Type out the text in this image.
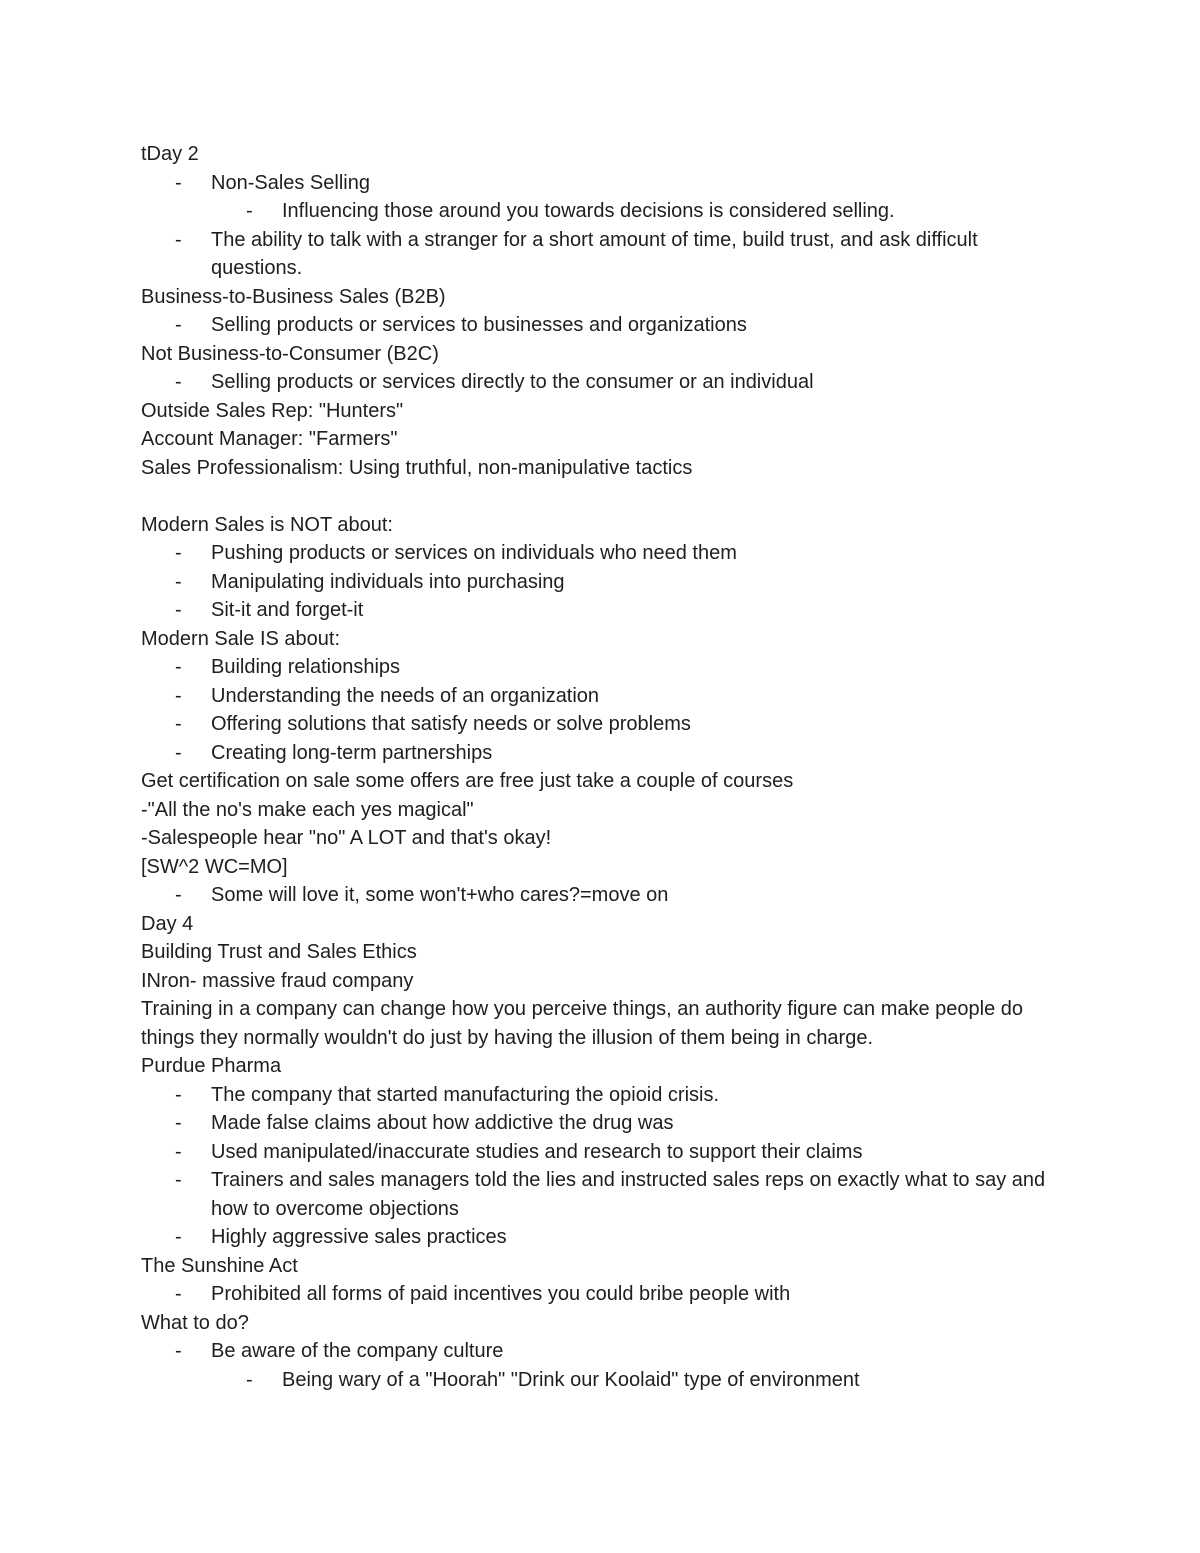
tDay 2
- Non-Sales Selling
- Influencing those around you towards decisions is considered selling.
- The ability to talk with a stranger for a short amount of time, build trust, and ask difficult questions.
Business-to-Business Sales (B2B)
- Selling products or services to businesses and organizations
Not Business-to-Consumer (B2C)
- Selling products or services directly to the consumer or an individual
Outside Sales Rep: "Hunters"
Account Manager: "Farmers"
Sales Professionalism: Using truthful, non-manipulative tactics
Modern Sales is NOT about:
- Pushing products or services on individuals who need them
- Manipulating individuals into purchasing
- Sit-it and forget-it
Modern Sale IS about:
- Building relationships
- Understanding the needs of an organization
- Offering solutions that satisfy needs or solve problems
- Creating long-term partnerships
Get certification on sale some offers are free just take a couple of courses
-"All the no's make each yes magical"
-Salespeople hear "no" A LOT and that's okay!
[SW^2 WC=MO]
- Some will love it, some won't+who cares?=move on
Day 4
Building Trust and Sales Ethics
INron- massive fraud company
Training in a company can change how you perceive things, an authority figure can make people do things they normally wouldn't do just by having the illusion of them being in charge.
Purdue Pharma
- The company that started manufacturing the opioid crisis.
- Made false claims about how addictive the drug was
- Used manipulated/inaccurate studies and research to support their claims
- Trainers and sales managers told the lies and instructed sales reps on exactly what to say and how to overcome objections
- Highly aggressive sales practices
The Sunshine Act
- Prohibited all forms of paid incentives you could bribe people with
What to do?
- Be aware of the company culture
- Being wary of a "Hoorah" "Drink our Koolaid" type of environment
